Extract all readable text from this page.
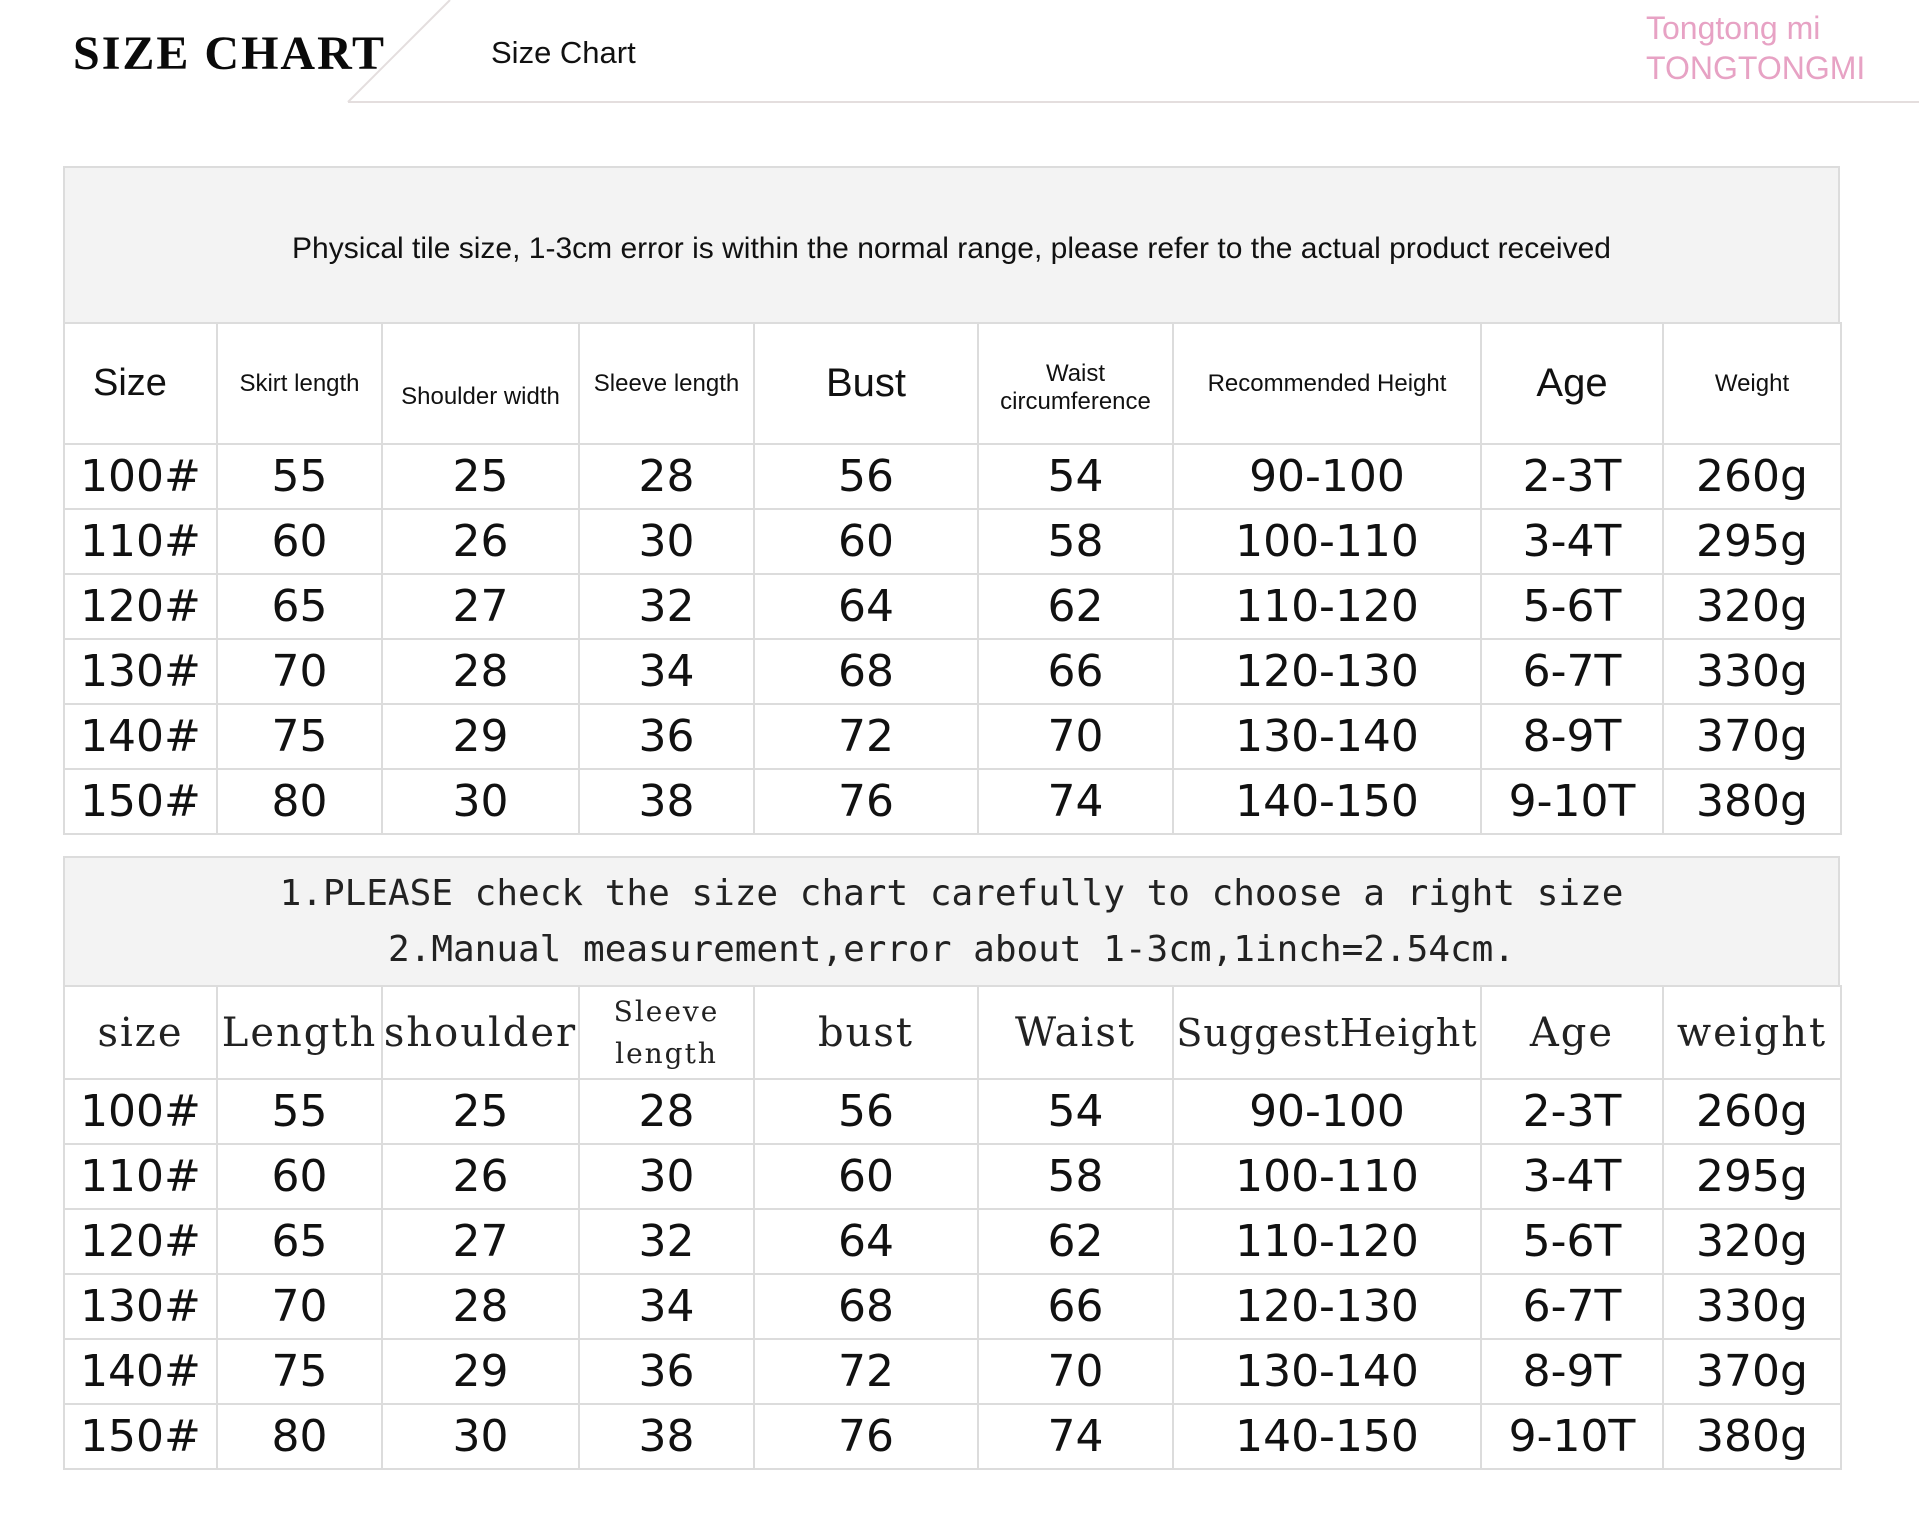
SIZE CHART	Size Chart
Tongtong mi
TONGTONGMI
Physical tile size, 1-3cm error is within the normal range, please refer to the actual product received
Size	Skirt length	Shoulder width	Sleeve length	Bust	Waist circumference	Recommended Height	Age	Weight
100#	55	25	28	56	54	90-100	2-3T	260g
110#	60	26	30	60	58	100-110	3-4T	295g
120#	65	27	32	64	62	110-120	5-6T	320g
130#	70	28	34	68	66	120-130	6-7T	330g
140#	75	29	36	72	70	130-140	8-9T	370g
150#	80	30	38	76	74	140-150	9-10T	380g
1.PLEASE check the size chart carefully to choose a right size
2.Manual measurement,error about 1-3cm,1inch=2.54cm.
size	Length	shoulder	Sleeve length	bust	Waist	SuggestHeight	Age	weight
100#	55	25	28	56	54	90-100	2-3T	260g
110#	60	26	30	60	58	100-110	3-4T	295g
120#	65	27	32	64	62	110-120	5-6T	320g
130#	70	28	34	68	66	120-130	6-7T	330g
140#	75	29	36	72	70	130-140	8-9T	370g
150#	80	30	38	76	74	140-150	9-10T	380g
